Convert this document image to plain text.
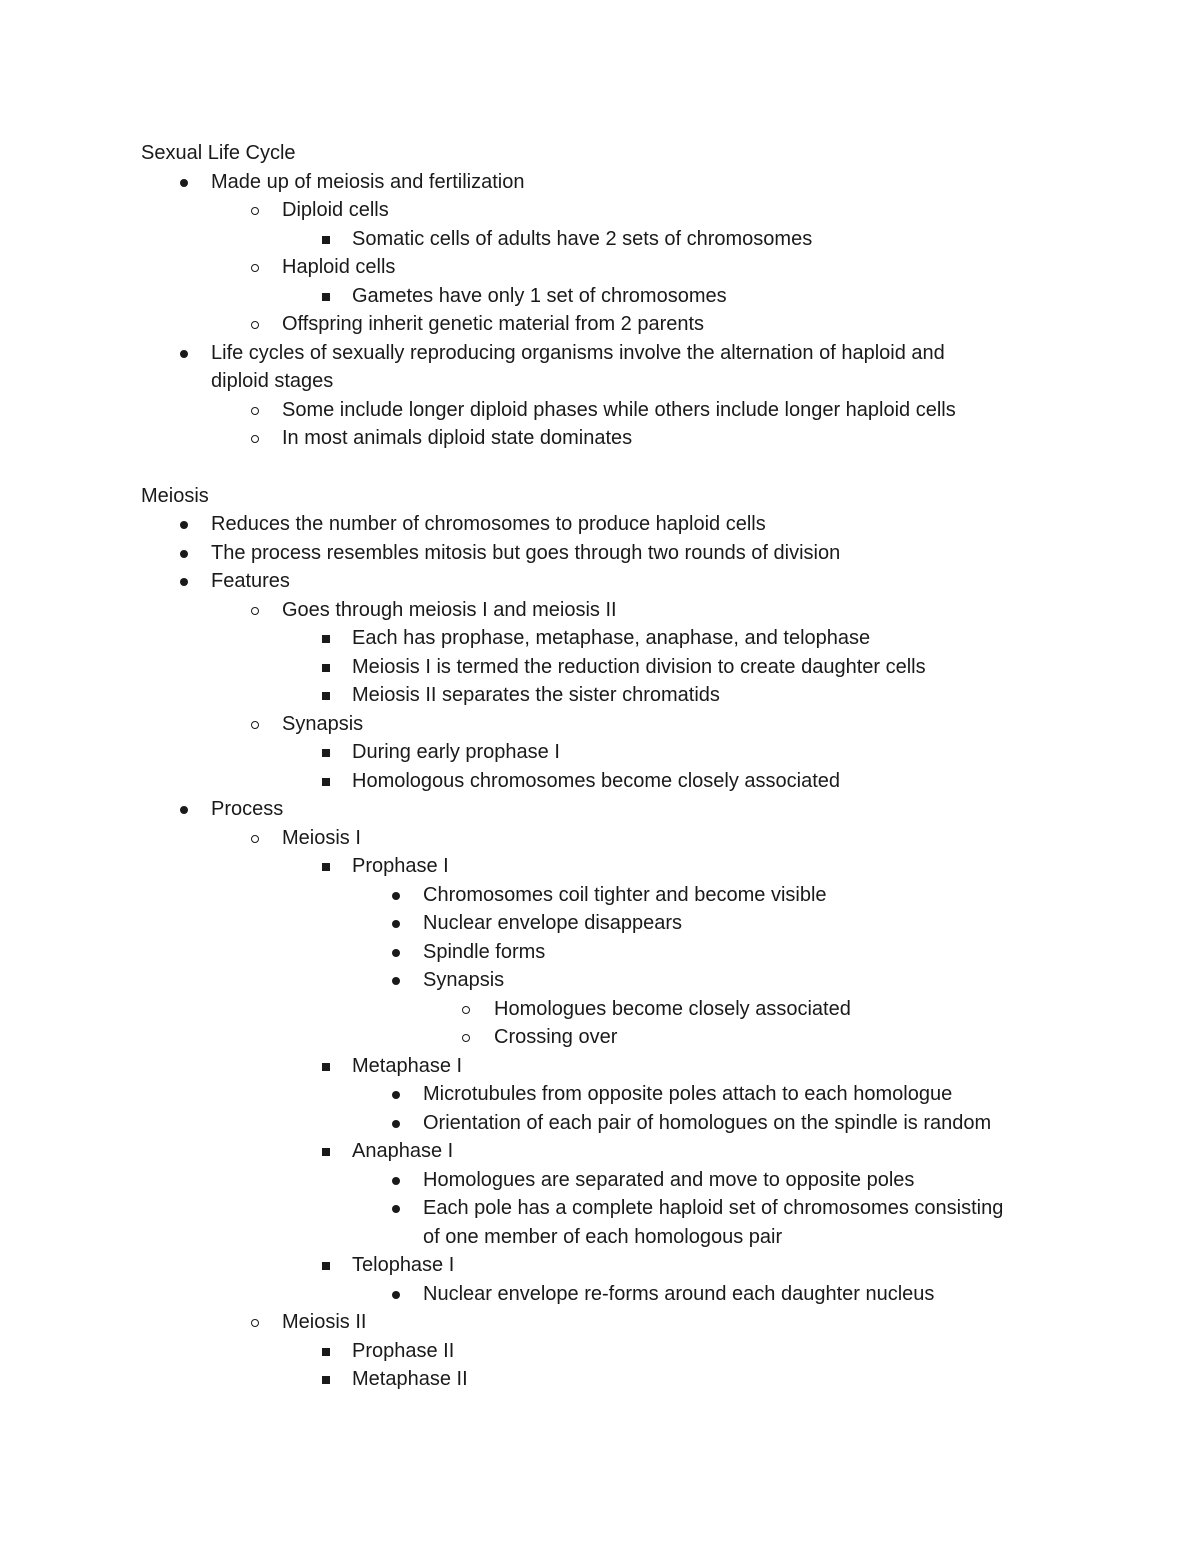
Sexual Life Cycle
Made up of meiosis and fertilization
Diploid cells
Somatic cells of adults have 2 sets of chromosomes
Haploid cells
Gametes have only 1 set of chromosomes
Offspring inherit genetic material from 2 parents
Life cycles of sexually reproducing organisms involve the alternation of haploid and
diploid stages
Some include longer diploid phases while others include longer haploid cells
In most animals diploid state dominates
Meiosis
Reduces the number of chromosomes to produce haploid cells
The process resembles mitosis but goes through two rounds of division
Features
Goes through meiosis I and meiosis II
Each has prophase, metaphase, anaphase, and telophase
Meiosis I is termed the reduction division to create daughter cells
Meiosis II separates the sister chromatids
Synapsis
During early prophase I
Homologous chromosomes become closely associated
Process
Meiosis I
Prophase I
Chromosomes coil tighter and become visible
Nuclear envelope disappears
Spindle forms
Synapsis
Homologues become closely associated
Crossing over
Metaphase I
Microtubules from opposite poles attach to each homologue
Orientation of each pair of homologues on the spindle is random
Anaphase I
Homologues are separated and move to opposite poles
Each pole has a complete haploid set of chromosomes consisting
of one member of each homologous pair
Telophase I
Nuclear envelope re-forms around each daughter nucleus
Meiosis II
Prophase II
Metaphase II
